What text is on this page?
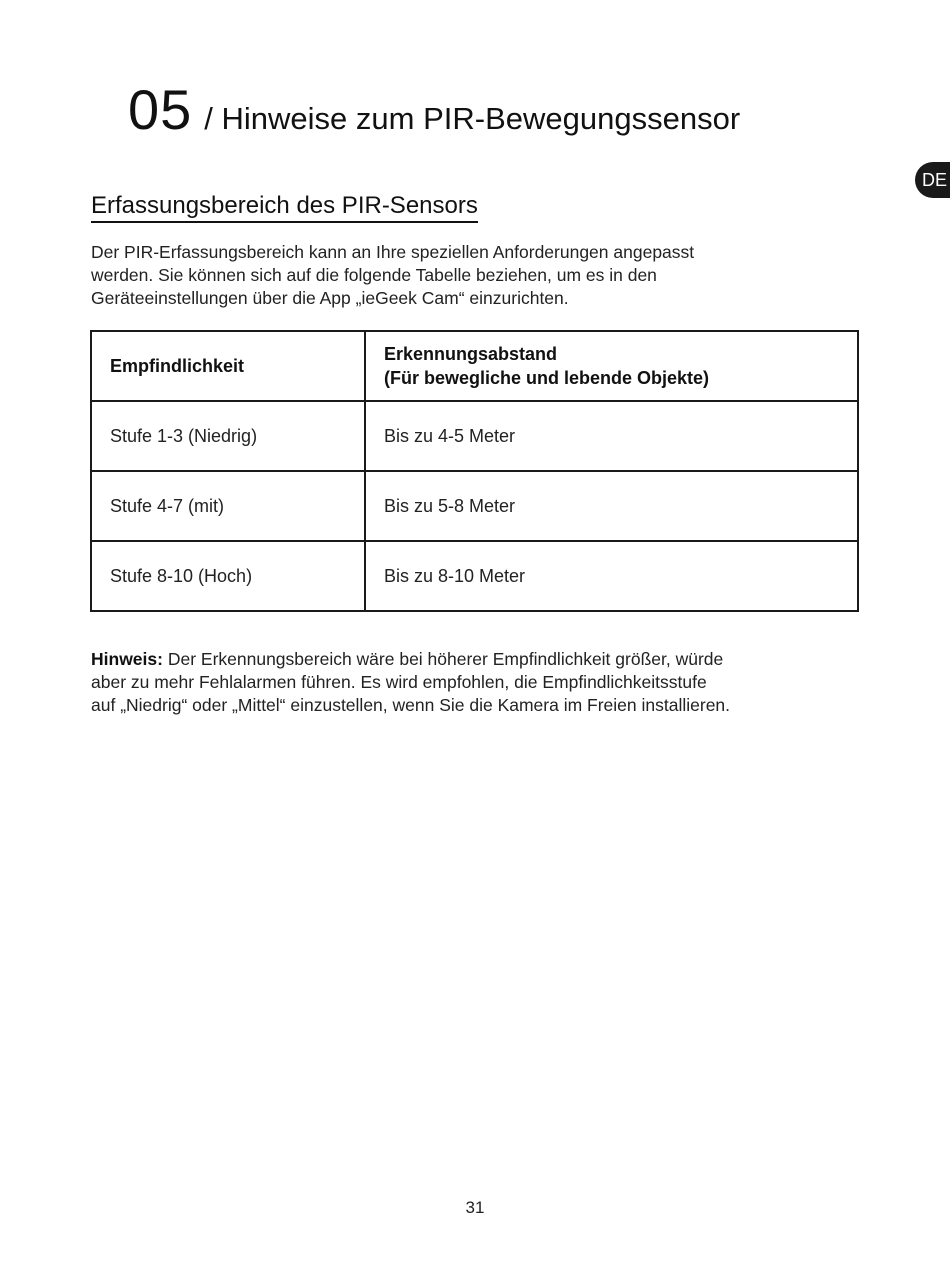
05 / Hinweise zum PIR-Bewegungssensor
DE
Erfassungsbereich des PIR-Sensors

Der PIR-Erfassungsbereich kann an Ihre speziellen Anforderungen angepasst

werden. Sie können sich auf die folgende Tabelle beziehen, um es in den

Geräteeinstellungen über die App „ieGeek Cam“ einzurichten.

Empfindlichkeit	Erkennungsabstand
(Für bewegliche und lebende Objekte)

Stufe 1-3 (Niedrig)	Bis zu 4-5 Meter
Stufe 4-7 (mit)	Bis zu 5-8 Meter
Stufe 8-10 (Hoch)	Bis zu 8-10 Meter

Hinweis: Der Erkennungsbereich wäre bei höherer Empfindlichkeit größer, würde

aber zu mehr Fehlalarmen führen. Es wird empfohlen, die Empfindlichkeitsstufe

auf „Niedrig“ oder „Mittel“ einzustellen, wenn Sie die Kamera im Freien installieren.

31
